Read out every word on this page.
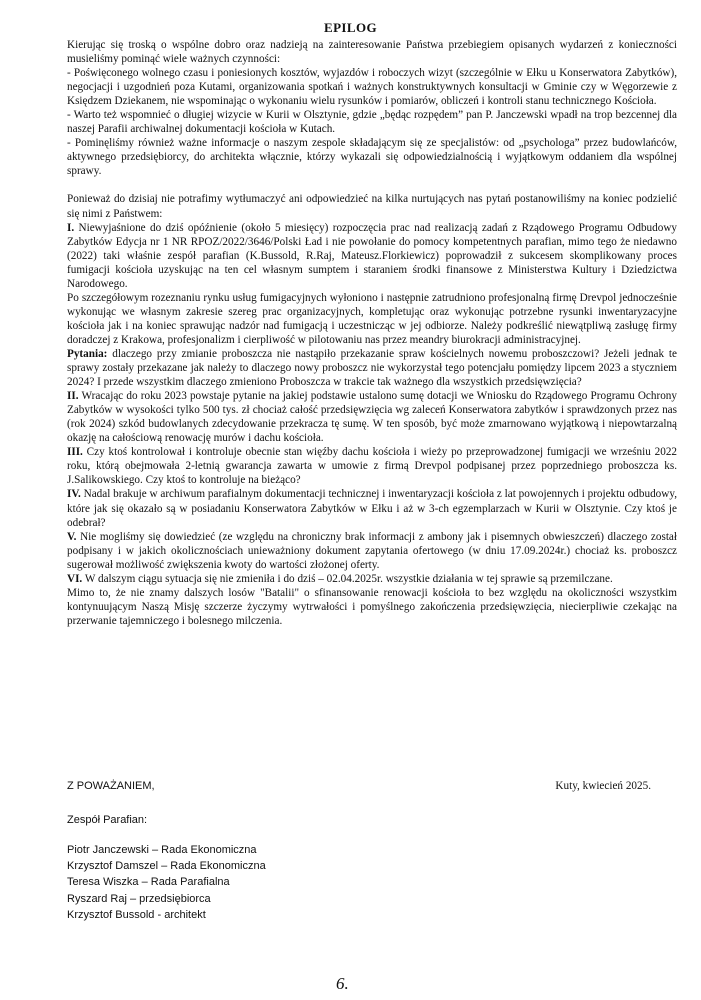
EPILOG

Kierując się troską o wspólne dobro oraz nadzieją na zainteresowanie Państwa przebiegiem opisanych wydarzeń z konieczności musieliśmy pominąć wiele ważnych czynności:

- Poświęconego wolnego czasu i poniesionych kosztów, wyjazdów i roboczych wizyt (szczególnie w Ełku u Konserwatora Zabytków), negocjacji i uzgodnień poza Kutami, organizowania spotkań i ważnych konstruktywnych konsultacji w Gminie czy w Węgorzewie z Księdzem Dziekanem, nie wspominając o wykonaniu wielu rysunków i pomiarów, obliczeń i kontroli stanu technicznego Kościoła.

- Warto też wspomnieć o długiej wizycie w Kurii w Olsztynie, gdzie „będąc rozpędem” pan P. Janczewski wpadł na trop bezcennej dla naszej Parafii archiwalnej dokumentacji kościoła w Kutach.

- Pominęliśmy również ważne informacje o naszym zespole składającym się ze specjalistów: od „psychologa” przez budowlańców, aktywnego przedsiębiorcy, do architekta włącznie, którzy wykazali się odpowiedzialnością i wyjątkowym oddaniem dla wspólnej sprawy.

Ponieważ do dzisiaj nie potrafimy wytłumaczyć ani odpowiedzieć na kilka nurtujących nas pytań postanowiliśmy na koniec podzielić się nimi z Państwem:

I. Niewyjaśnione do dziś opóźnienie (około 5 miesięcy) rozpoczęcia prac nad realizacją zadań z Rządowego Programu Odbudowy Zabytków Edycja nr 1 NR RPOZ/2022/3646/Polski Ład i nie powołanie do pomocy kompetentnych parafian, mimo tego że niedawno (2022) taki właśnie zespół parafian (K.Bussold, R.Raj, Mateusz.Florkiewicz) poprowadził z sukcesem skomplikowany proces fumigacji kościoła uzyskując na ten cel własnym sumptem i staraniem środki finansowe z Ministerstwa Kultury i Dziedzictwa Narodowego.

Po szczegółowym rozeznaniu rynku usług fumigacyjnych wyłoniono i następnie zatrudniono profesjonalną firmę Drevpol jednocześnie wykonując we własnym zakresie szereg prac organizacyjnych, kompletując oraz wykonując potrzebne rysunki inwentaryzacyjne kościoła jak i na koniec sprawując nadzór nad fumigacją i uczestnicząc w jej odbiorze. Należy podkreślić niewątpliwą zasługę firmy doradczej z Krakowa, profesjonalizm i cierpliwość w pilotowaniu nas przez meandry biurokracji administracyjnej.

Pytania: dlaczego przy zmianie proboszcza nie nastąpiło przekazanie spraw kościelnych nowemu proboszczowi? Jeżeli jednak te sprawy zostały przekazane jak należy to dlaczego nowy proboszcz nie wykorzystał tego potencjału pomiędzy lipcem 2023 a styczniem 2024? I przede wszystkim dlaczego zmieniono Proboszcza w trakcie tak ważnego dla wszystkich przedsięwzięcia?

II. Wracając do roku 2023 powstaje pytanie na jakiej podstawie ustalono sumę dotacji we Wniosku do Rządowego Programu Ochrony Zabytków w wysokości tylko 500 tys. zł chociaż całość przedsięwzięcia wg zaleceń Konserwatora zabytków i sprawdzonych przez nas (rok 2024) szkód budowlanych zdecydowanie przekracza tę sumę. W ten sposób, być może zmarnowano wyjątkową i niepowtarzalną okazję na całościową renowację murów i dachu kościoła.

III. Czy ktoś kontrolował i kontroluje obecnie stan więźby dachu kościoła i wieży po przeprowadzonej fumigacji we wrześniu 2022 roku, którą obejmowała 2-letnią gwarancja zawarta w umowie z firmą Drevpol podpisanej przez poprzedniego proboszcza ks. J.Salikowskiego. Czy ktoś to kontroluje na bieżąco?

IV. Nadal brakuje w archiwum parafialnym dokumentacji technicznej i inwentaryzacji kościoła z lat powojennych i projektu odbudowy, które jak się okazało są w posiadaniu Konserwatora Zabytków w Ełku i aż w 3-ch egzemplarzach w Kurii w Olsztynie. Czy ktoś je odebrał?

V. Nie mogliśmy się dowiedzieć (ze względu na chroniczny brak informacji z ambony jak i pisemnych obwieszczeń) dlaczego został podpisany i w jakich okolicznościach unieważniony dokument zapytania ofertowego (w dniu 17.09.2024r.) chociaż ks. proboszcz sugerował możliwość zwiększenia kwoty do wartości złożonej oferty.

VI. W dalszym ciągu sytuacja się nie zmieniła i do dziś – 02.04.2025r. wszystkie działania w tej sprawie są przemilczane.

Mimo to, że nie znamy dalszych losów "Batalii" o sfinansowanie renowacji kościoła to bez względu na okoliczności wszystkim kontynuującym Naszą Misję szczerze życzymy wytrwałości i pomyślnego zakończenia przedsięwzięcia, niecierpliwie czekając na przerwanie tajemniczego i bolesnego milczenia.

Z POWAŻANIEM,	Kuty, kwiecień 2025.
Zespół Parafian:
Piotr Janczewski – Rada Ekonomiczna
Krzysztof Damszel – Rada Ekonomiczna
Teresa Wiszka – Rada Parafialna
Ryszard Raj – przedsiębiorca
Krzysztof Bussold - architekt
6.
